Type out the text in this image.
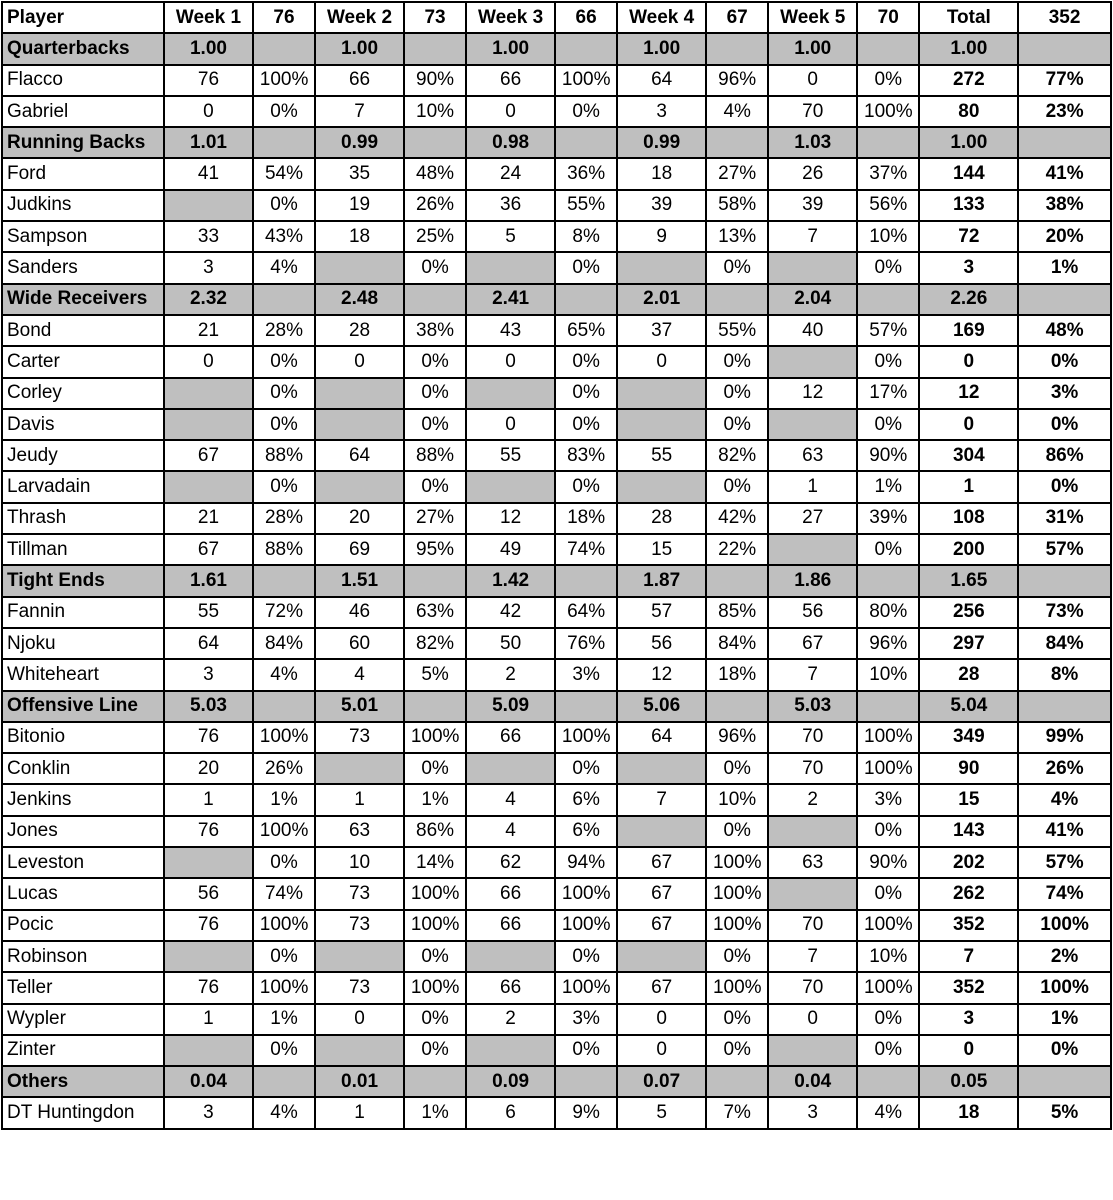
Player	Week 1	76	Week 2	73	Week 3	66	Week 4	67	Week 5	70	Total	352
Quarterbacks	1.00		1.00		1.00		1.00		1.00		1.00	
Flacco	76	100%	66	90%	66	100%	64	96%	0	0%	272	77%
Gabriel	0	0%	7	10%	0	0%	3	4%	70	100%	80	23%
Running Backs	1.01		0.99		0.98		0.99		1.03		1.00	
Ford	41	54%	35	48%	24	36%	18	27%	26	37%	144	41%
Judkins		0%	19	26%	36	55%	39	58%	39	56%	133	38%
Sampson	33	43%	18	25%	5	8%	9	13%	7	10%	72	20%
Sanders	3	4%		0%		0%		0%		0%	3	1%
Wide Receivers	2.32		2.48		2.41		2.01		2.04		2.26	
Bond	21	28%	28	38%	43	65%	37	55%	40	57%	169	48%
Carter	0	0%	0	0%	0	0%	0	0%		0%	0	0%
Corley		0%		0%		0%		0%	12	17%	12	3%
Davis		0%		0%	0	0%		0%		0%	0	0%
Jeudy	67	88%	64	88%	55	83%	55	82%	63	90%	304	86%
Larvadain		0%		0%		0%		0%	1	1%	1	0%
Thrash	21	28%	20	27%	12	18%	28	42%	27	39%	108	31%
Tillman	67	88%	69	95%	49	74%	15	22%		0%	200	57%
Tight Ends	1.61		1.51		1.42		1.87		1.86		1.65	
Fannin	55	72%	46	63%	42	64%	57	85%	56	80%	256	73%
Njoku	64	84%	60	82%	50	76%	56	84%	67	96%	297	84%
Whiteheart	3	4%	4	5%	2	3%	12	18%	7	10%	28	8%
Offensive Line	5.03		5.01		5.09		5.06		5.03		5.04	
Bitonio	76	100%	73	100%	66	100%	64	96%	70	100%	349	99%
Conklin	20	26%		0%		0%		0%	70	100%	90	26%
Jenkins	1	1%	1	1%	4	6%	7	10%	2	3%	15	4%
Jones	76	100%	63	86%	4	6%		0%		0%	143	41%
Leveston		0%	10	14%	62	94%	67	100%	63	90%	202	57%
Lucas	56	74%	73	100%	66	100%	67	100%		0%	262	74%
Pocic	76	100%	73	100%	66	100%	67	100%	70	100%	352	100%
Robinson		0%		0%		0%		0%	7	10%	7	2%
Teller	76	100%	73	100%	66	100%	67	100%	70	100%	352	100%
Wypler	1	1%	0	0%	2	3%	0	0%	0	0%	3	1%
Zinter		0%		0%		0%	0	0%		0%	0	0%
Others	0.04		0.01		0.09		0.07		0.04		0.05	
DT Huntingdon	3	4%	1	1%	6	9%	5	7%	3	4%	18	5%
